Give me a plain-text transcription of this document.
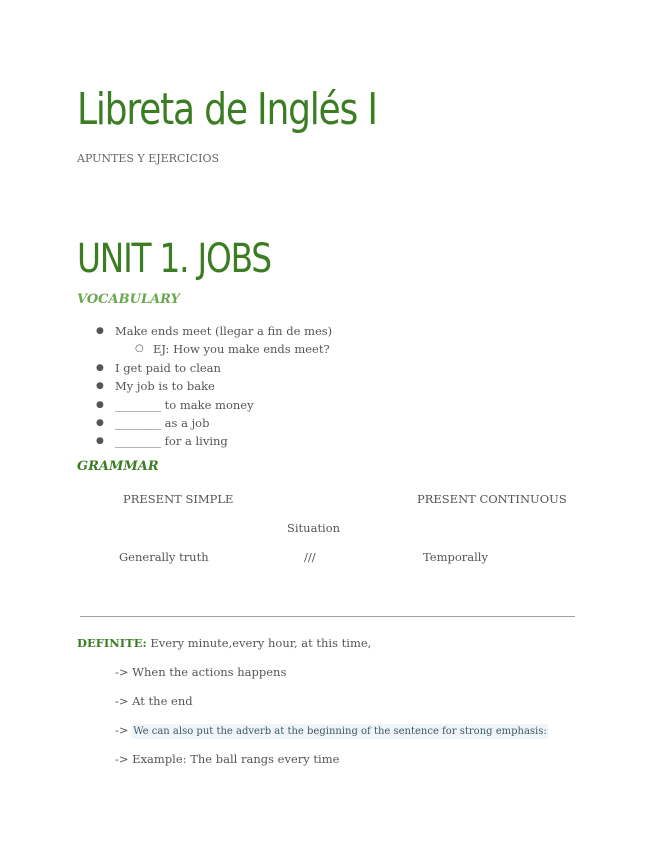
Libreta de Inglés I
APUNTES Y EJERCICIOS
UNIT 1. JOBS
VOCABULARY
● Make ends meet (llegar a fin de mes)
○ EJ: How you make ends meet?
● I get paid to clean
● My job is to bake
● ________ to make money
● ________ as a job
● ________ for a living
GRAMMAR
PRESENT SIMPLE	PRESENT CONTINUOUS
Situation
Generally truth	///	Temporally
DEFINITE: Every minute,every hour, at this time,
-> When the actions happens
-> At the end
-> We can also put the adverb at the beginning of the sentence for strong emphasis:
-> Example: The ball rangs every time
